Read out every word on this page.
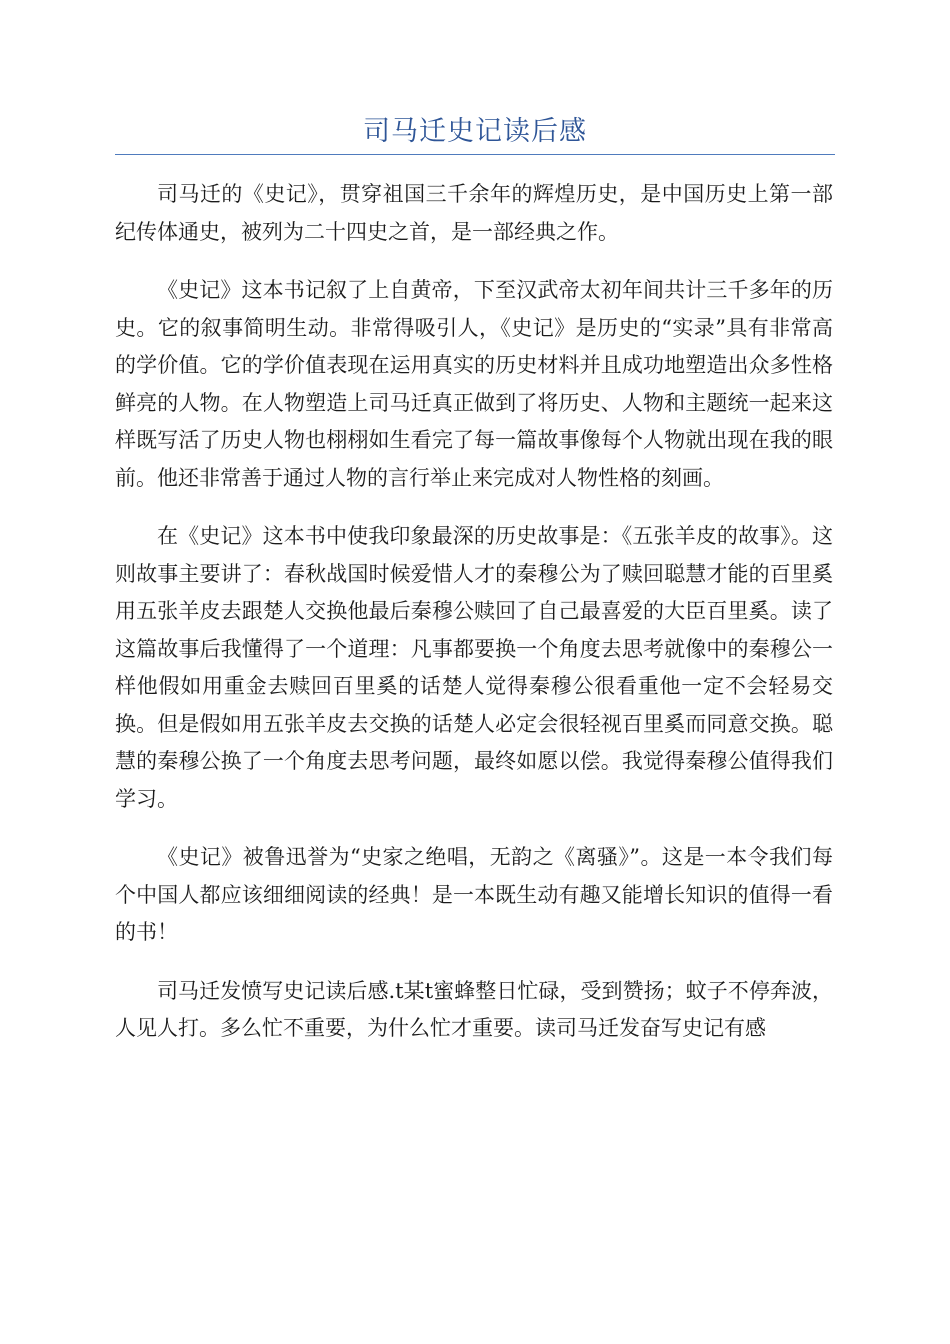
司马迁史记读后感

司马迁的《史记》，贯穿祖国三千余年的辉煌历史，是中国历史上第一部纪传体通史，被列为二十四史之首，是一部经典之作。

《史记》这本书记叙了上自黄帝，下至汉武帝太初年间共计三千多年的历史。它的叙事简明生动。非常得吸引人，《史记》是历史的“实录”具有非常高的学价值。它的学价值表现在运用真实的历史材料并且成功地塑造出众多性格鲜亮的人物。在人物塑造上司马迁真正做到了将历史、人物和主题统一起来这样既写活了历史人物也栩栩如生看完了每一篇故事像每个人物就出现在我的眼前。他还非常善于通过人物的言行举止来完成对人物性格的刻画。

在《史记》这本书中使我印象最深的历史故事是：《五张羊皮的故事》。这则故事主要讲了：春秋战国时候爱惜人才的秦穆公为了赎回聪慧才能的百里奚用五张羊皮去跟楚人交换他最后秦穆公赎回了自己最喜爱的大臣百里奚。读了这篇故事后我懂得了一个道理：凡事都要换一个角度去思考就像中的秦穆公一样他假如用重金去赎回百里奚的话楚人觉得秦穆公很看重他一定不会轻易交换。但是假如用五张羊皮去交换的话楚人必定会很轻视百里奚而同意交换。聪慧的秦穆公换了一个角度去思考问题，最终如愿以偿。我觉得秦穆公值得我们学习。

《史记》被鲁迅誉为“史家之绝唱，无韵之《离骚》”。这是一本令我们每个中国人都应该细细阅读的经典！是一本既生动有趣又能增长知识的值得一看的书！

司马迁发愤写史记读后感.t某t蜜蜂整日忙碌，受到赞扬；蚊子不停奔波，人见人打。多么忙不重要，为什么忙才重要。读司马迁发奋写史记有感
